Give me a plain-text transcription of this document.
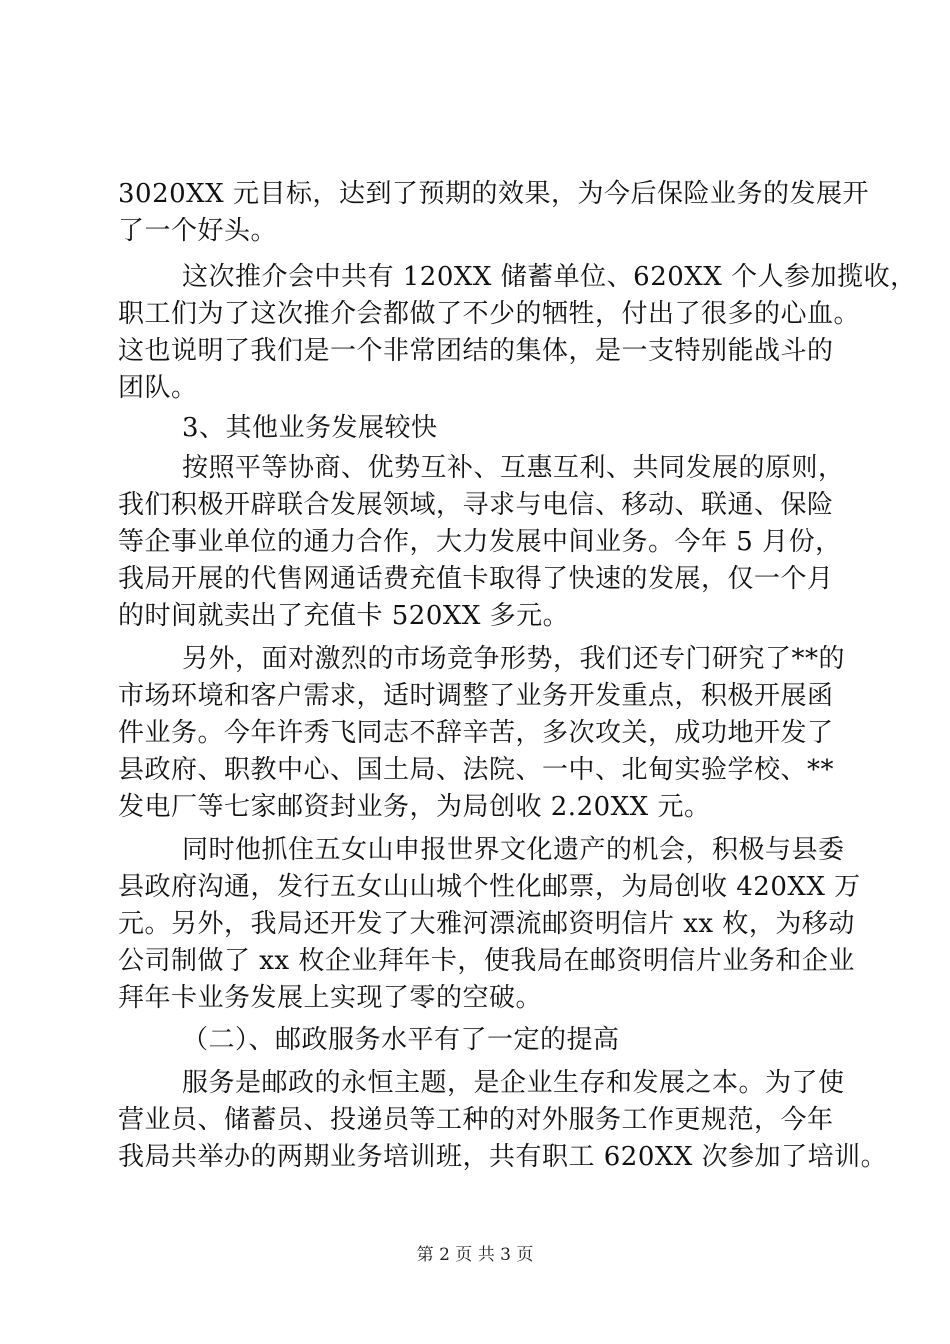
3020XX 元目标，达到了预期的效果，为今后保险业务的发展开
了一个好头。
这次推介会中共有 120XX 储蓄单位、620XX 个人参加揽收，
职工们为了这次推介会都做了不少的牺牲，付出了很多的心血。
这也说明了我们是一个非常团结的集体，是一支特别能战斗的
团队。
3、其他业务发展较快
按照平等协商、优势互补、互惠互利、共同发展的原则，
我们积极开辟联合发展领域，寻求与电信、移动、联通、保险
等企事业单位的通力合作，大力发展中间业务。今年 5 月份，
我局开展的代售网通话费充值卡取得了快速的发展，仅一个月
的时间就卖出了充值卡 520XX 多元。
另外，面对激烈的市场竞争形势，我们还专门研究了**的
市场环境和客户需求，适时调整了业务开发重点，积极开展函
件业务。今年许秀飞同志不辞辛苦，多次攻关，成功地开发了
县政府、职教中心、国土局、法院、一中、北甸实验学校、**
发电厂等七家邮资封业务，为局创收 2.20XX 元。
同时他抓住五女山申报世界文化遗产的机会，积极与县委
县政府沟通，发行五女山山城个性化邮票，为局创收 420XX 万
元。另外，我局还开发了大雅河漂流邮资明信片 xx 枚，为移动
公司制做了 xx 枚企业拜年卡，使我局在邮资明信片业务和企业
拜年卡业务发展上实现了零的空破。
（二）、邮政服务水平有了一定的提高
服务是邮政的永恒主题，是企业生存和发展之本。为了使
营业员、储蓄员、投递员等工种的对外服务工作更规范，今年
我局共举办的两期业务培训班，共有职工 620XX 次参加了培训。
第 2 页 共 3 页
